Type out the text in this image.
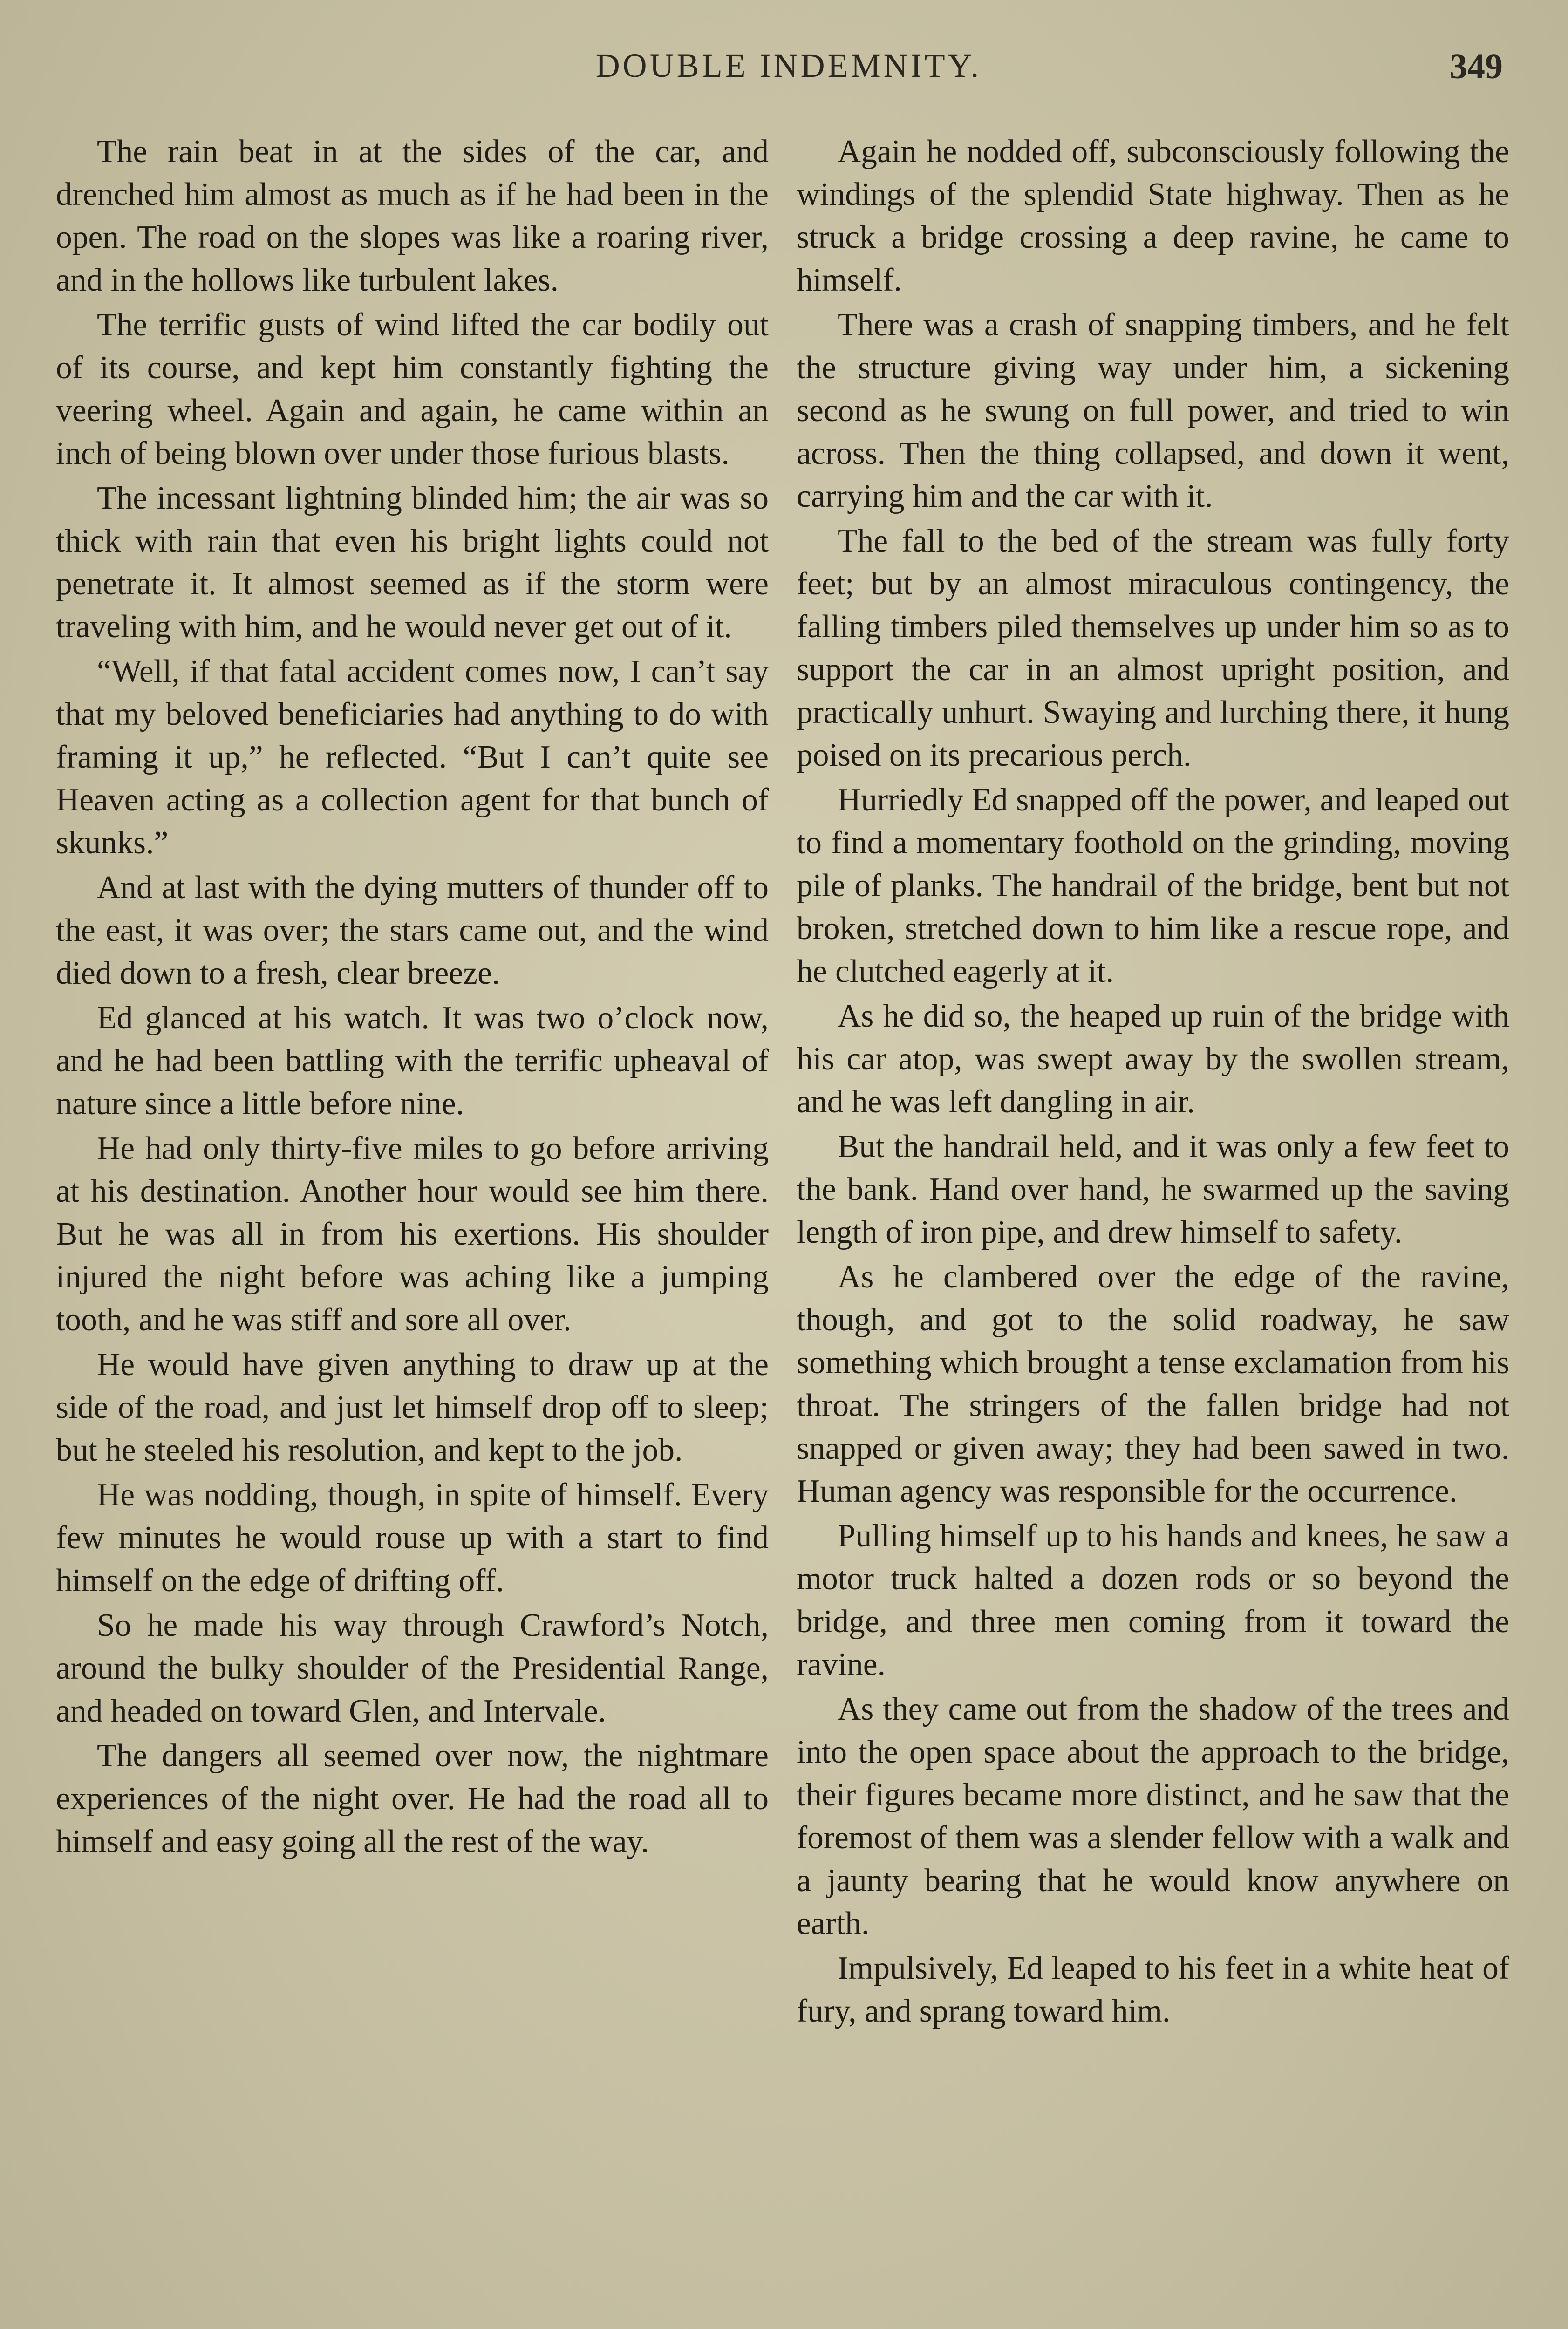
DOUBLE INDEMNITY.	349

The rain beat in at the sides of the car, and drenched him almost as much as if he had been in the open. The road on the slopes was like a roaring river, and in the hollows like turbulent lakes.

The terrific gusts of wind lifted the car bodily out of its course, and kept him constantly fighting the veering wheel. Again and again, he came within an inch of being blown over under those furious blasts.

The incessant lightning blinded him; the air was so thick with rain that even his bright lights could not penetrate it. It almost seemed as if the storm were traveling with him, and he would never get out of it.

“Well, if that fatal accident comes now, I can’t say that my beloved beneficiaries had anything to do with framing it up,” he reflected. “But I can’t quite see Heaven acting as a collection agent for that bunch of skunks.”

And at last with the dying mutters of thunder off to the east, it was over; the stars came out, and the wind died down to a fresh, clear breeze.

Ed glanced at his watch. It was two o’clock now, and he had been battling with the terrific upheaval of nature since a little before nine.

He had only thirty-five miles to go before arriving at his destination. Another hour would see him there. But he was all in from his exertions. His shoulder injured the night before was aching like a jumping tooth, and he was stiff and sore all over.

He would have given anything to draw up at the side of the road, and just let himself drop off to sleep; but he steeled his resolution, and kept to the job.

He was nodding, though, in spite of himself. Every few minutes he would rouse up with a start to find himself on the edge of drifting off.

So he made his way through Crawford’s Notch, around the bulky shoulder of the Presidential Range, and headed on toward Glen, and Intervale.

The dangers all seemed over now, the nightmare experiences of the night over. He had the road all to himself and easy going all the rest of the way.

Again he nodded off, subconsciously following the windings of the splendid State highway. Then as he struck a bridge crossing a deep ravine, he came to himself.

There was a crash of snapping timbers, and he felt the structure giving way under him, a sickening second as he swung on full power, and tried to win across. Then the thing collapsed, and down it went, carrying him and the car with it.

The fall to the bed of the stream was fully forty feet; but by an almost miraculous contingency, the falling timbers piled themselves up under him so as to support the car in an almost upright position, and practically unhurt. Swaying and lurching there, it hung poised on its precarious perch.

Hurriedly Ed snapped off the power, and leaped out to find a momentary foothold on the grinding, moving pile of planks. The handrail of the bridge, bent but not broken, stretched down to him like a rescue rope, and he clutched eagerly at it.

As he did so, the heaped up ruin of the bridge with his car atop, was swept away by the swollen stream, and he was left dangling in air.

But the handrail held, and it was only a few feet to the bank. Hand over hand, he swarmed up the saving length of iron pipe, and drew himself to safety.

As he clambered over the edge of the ravine, though, and got to the solid roadway, he saw something which brought a tense exclamation from his throat. The stringers of the fallen bridge had not snapped or given away; they had been sawed in two. Human agency was responsible for the occurrence.

Pulling himself up to his hands and knees, he saw a motor truck halted a dozen rods or so beyond the bridge, and three men coming from it toward the ravine.

As they came out from the shadow of the trees and into the open space about the approach to the bridge, their figures became more distinct, and he saw that the foremost of them was a slender fellow with a walk and a jaunty bearing that he would know anywhere on earth.

Impulsively, Ed leaped to his feet in a white heat of fury, and sprang toward him.
